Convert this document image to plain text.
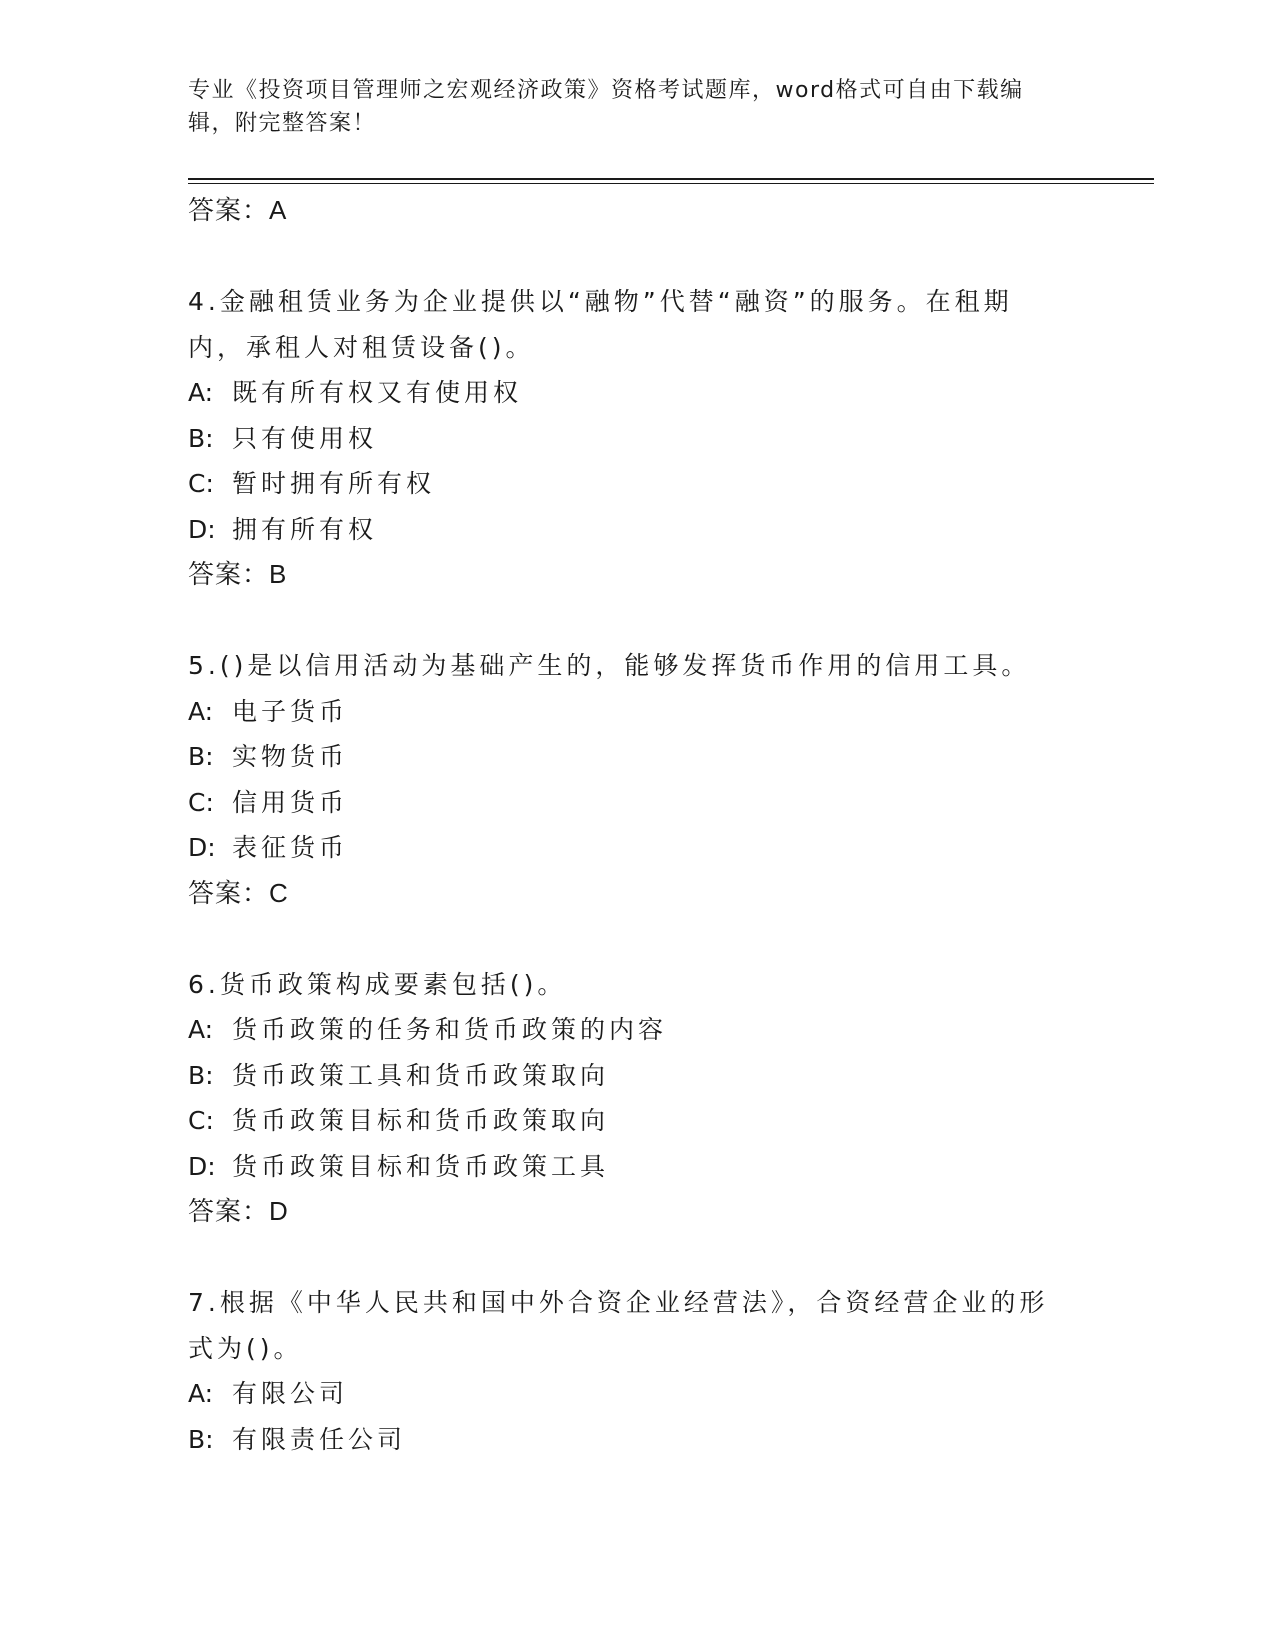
专业《投资项目管理师之宏观经济政策》资格考试题库，word格式可自由下载编辑，附完整答案！
答案：A
4.金融租赁业务为企业提供以“融物”代替“融资”的服务。在租期
内，承租人对租赁设备()。
A: 既有所有权又有使用权
B: 只有使用权
C: 暂时拥有所有权
D: 拥有所有权
答案：B
5.()是以信用活动为基础产生的，能够发挥货币作用的信用工具。
A: 电子货币
B: 实物货币
C: 信用货币
D: 表征货币
答案：C
6.货币政策构成要素包括()。
A: 货币政策的任务和货币政策的内容
B: 货币政策工具和货币政策取向
C: 货币政策目标和货币政策取向
D: 货币政策目标和货币政策工具
答案：D
7.根据《中华人民共和国中外合资企业经营法》，合资经营企业的形
式为()。
A: 有限公司
B: 有限责任公司
